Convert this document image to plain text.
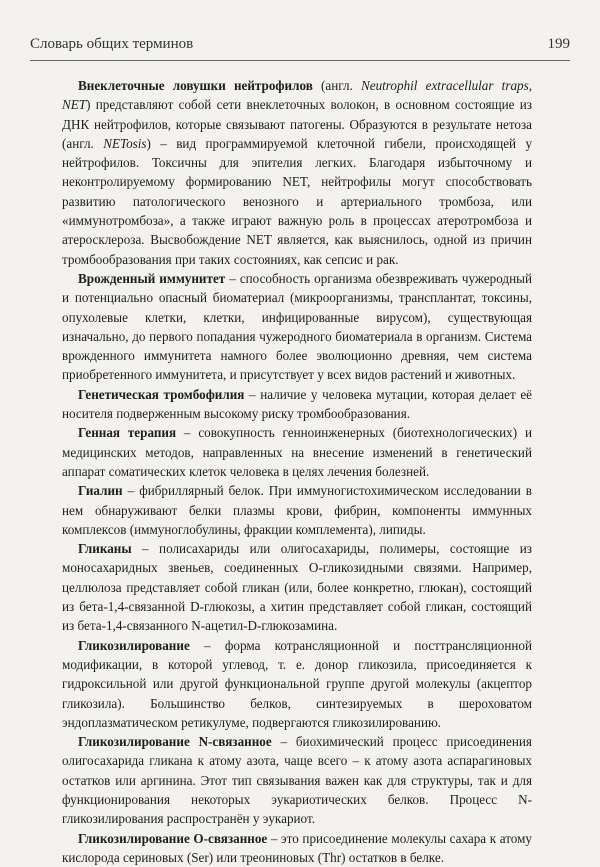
Словарь общих терминов	199

Внеклеточные ловушки нейтрофилов (англ. Neutrophil extracellular traps, NET) представляют собой сети внеклеточных волокон, в основном состоящие из ДНК нейтрофилов, которые связывают патогены. Образуются в результате нетоза (англ. NETosis) – вид программируемой клеточной гибели, происходящей у нейтрофилов. Токсичны для эпителия легких. Благодаря избыточному и неконтролируемому формированию NET, нейтрофилы могут способствовать развитию патологического венозного и артериального тромбоза, или «иммунотромбоза», а также играют важную роль в процессах атеротромбоза и атеросклероза. Высвобождение NET является, как выяснилось, одной из причин тромбообразования при таких состояниях, как сепсис и рак.

Врожденный иммунитет – способность организма обезвреживать чужеродный и потенциально опасный биоматериал (микроорганизмы, трансплантат, токсины, опухолевые клетки, клетки, инфицированные вирусом), существующая изначально, до первого попадания чужеродного биоматериала в организм. Система врожденного иммунитета намного более эволюционно древняя, чем система приобретенного иммунитета, и присутствует у всех видов растений и животных.

Генетическая тромбофилия – наличие у человека мутации, которая делает её носителя подверженным высокому риску тромбообразования.

Генная терапия – совокупность генноинженерных (биотехнологических) и медицинских методов, направленных на внесение изменений в генетический аппарат соматических клеток человека в целях лечения болезней.

Гиалин – фибриллярный белок. При иммуногистохимическом исследовании в нем обнаруживают белки плазмы крови, фибрин, компоненты иммунных комплексов (иммуноглобулины, фракции комплемента), липиды.

Гликаны – полисахариды или олигосахариды, полимеры, состоящие из моносахаридных звеньев, соединенных О-гликозидными связями. Например, целлюлоза представляет собой гликан (или, более конкретно, глюкан), состоящий из бета-1,4-связанной D-глюкозы, а хитин представляет собой гликан, состоящий из бета-1,4-связанного N-ацетил-D-глюкозамина.

Гликозилирование – форма котрансляционной и посттрансляционной модификации, в которой углевод, т. е. донор гликозила, присоединяется к гидроксильной или другой функциональной группе другой молекулы (акцептор гликозила). Большинство белков, синтезируемых в шероховатом эндоплазматическом ретикулуме, подвергаются гликозилированию.

Гликозилирование N-связанное – биохимический процесс присоединения олигосахарида гликана к атому азота, чаще всего – к атому азота аспарагиновых остатков или аргинина. Этот тип связывания важен как для структуры, так и для функционирования некоторых эукариотических белков. Процесс N-гликозилирования распространён у эукариот.

Гликозилирование O-связанное – это присоединение молекулы сахара к атому кислорода сериновых (Ser) или треониновых (Thr) остатков в белке.
